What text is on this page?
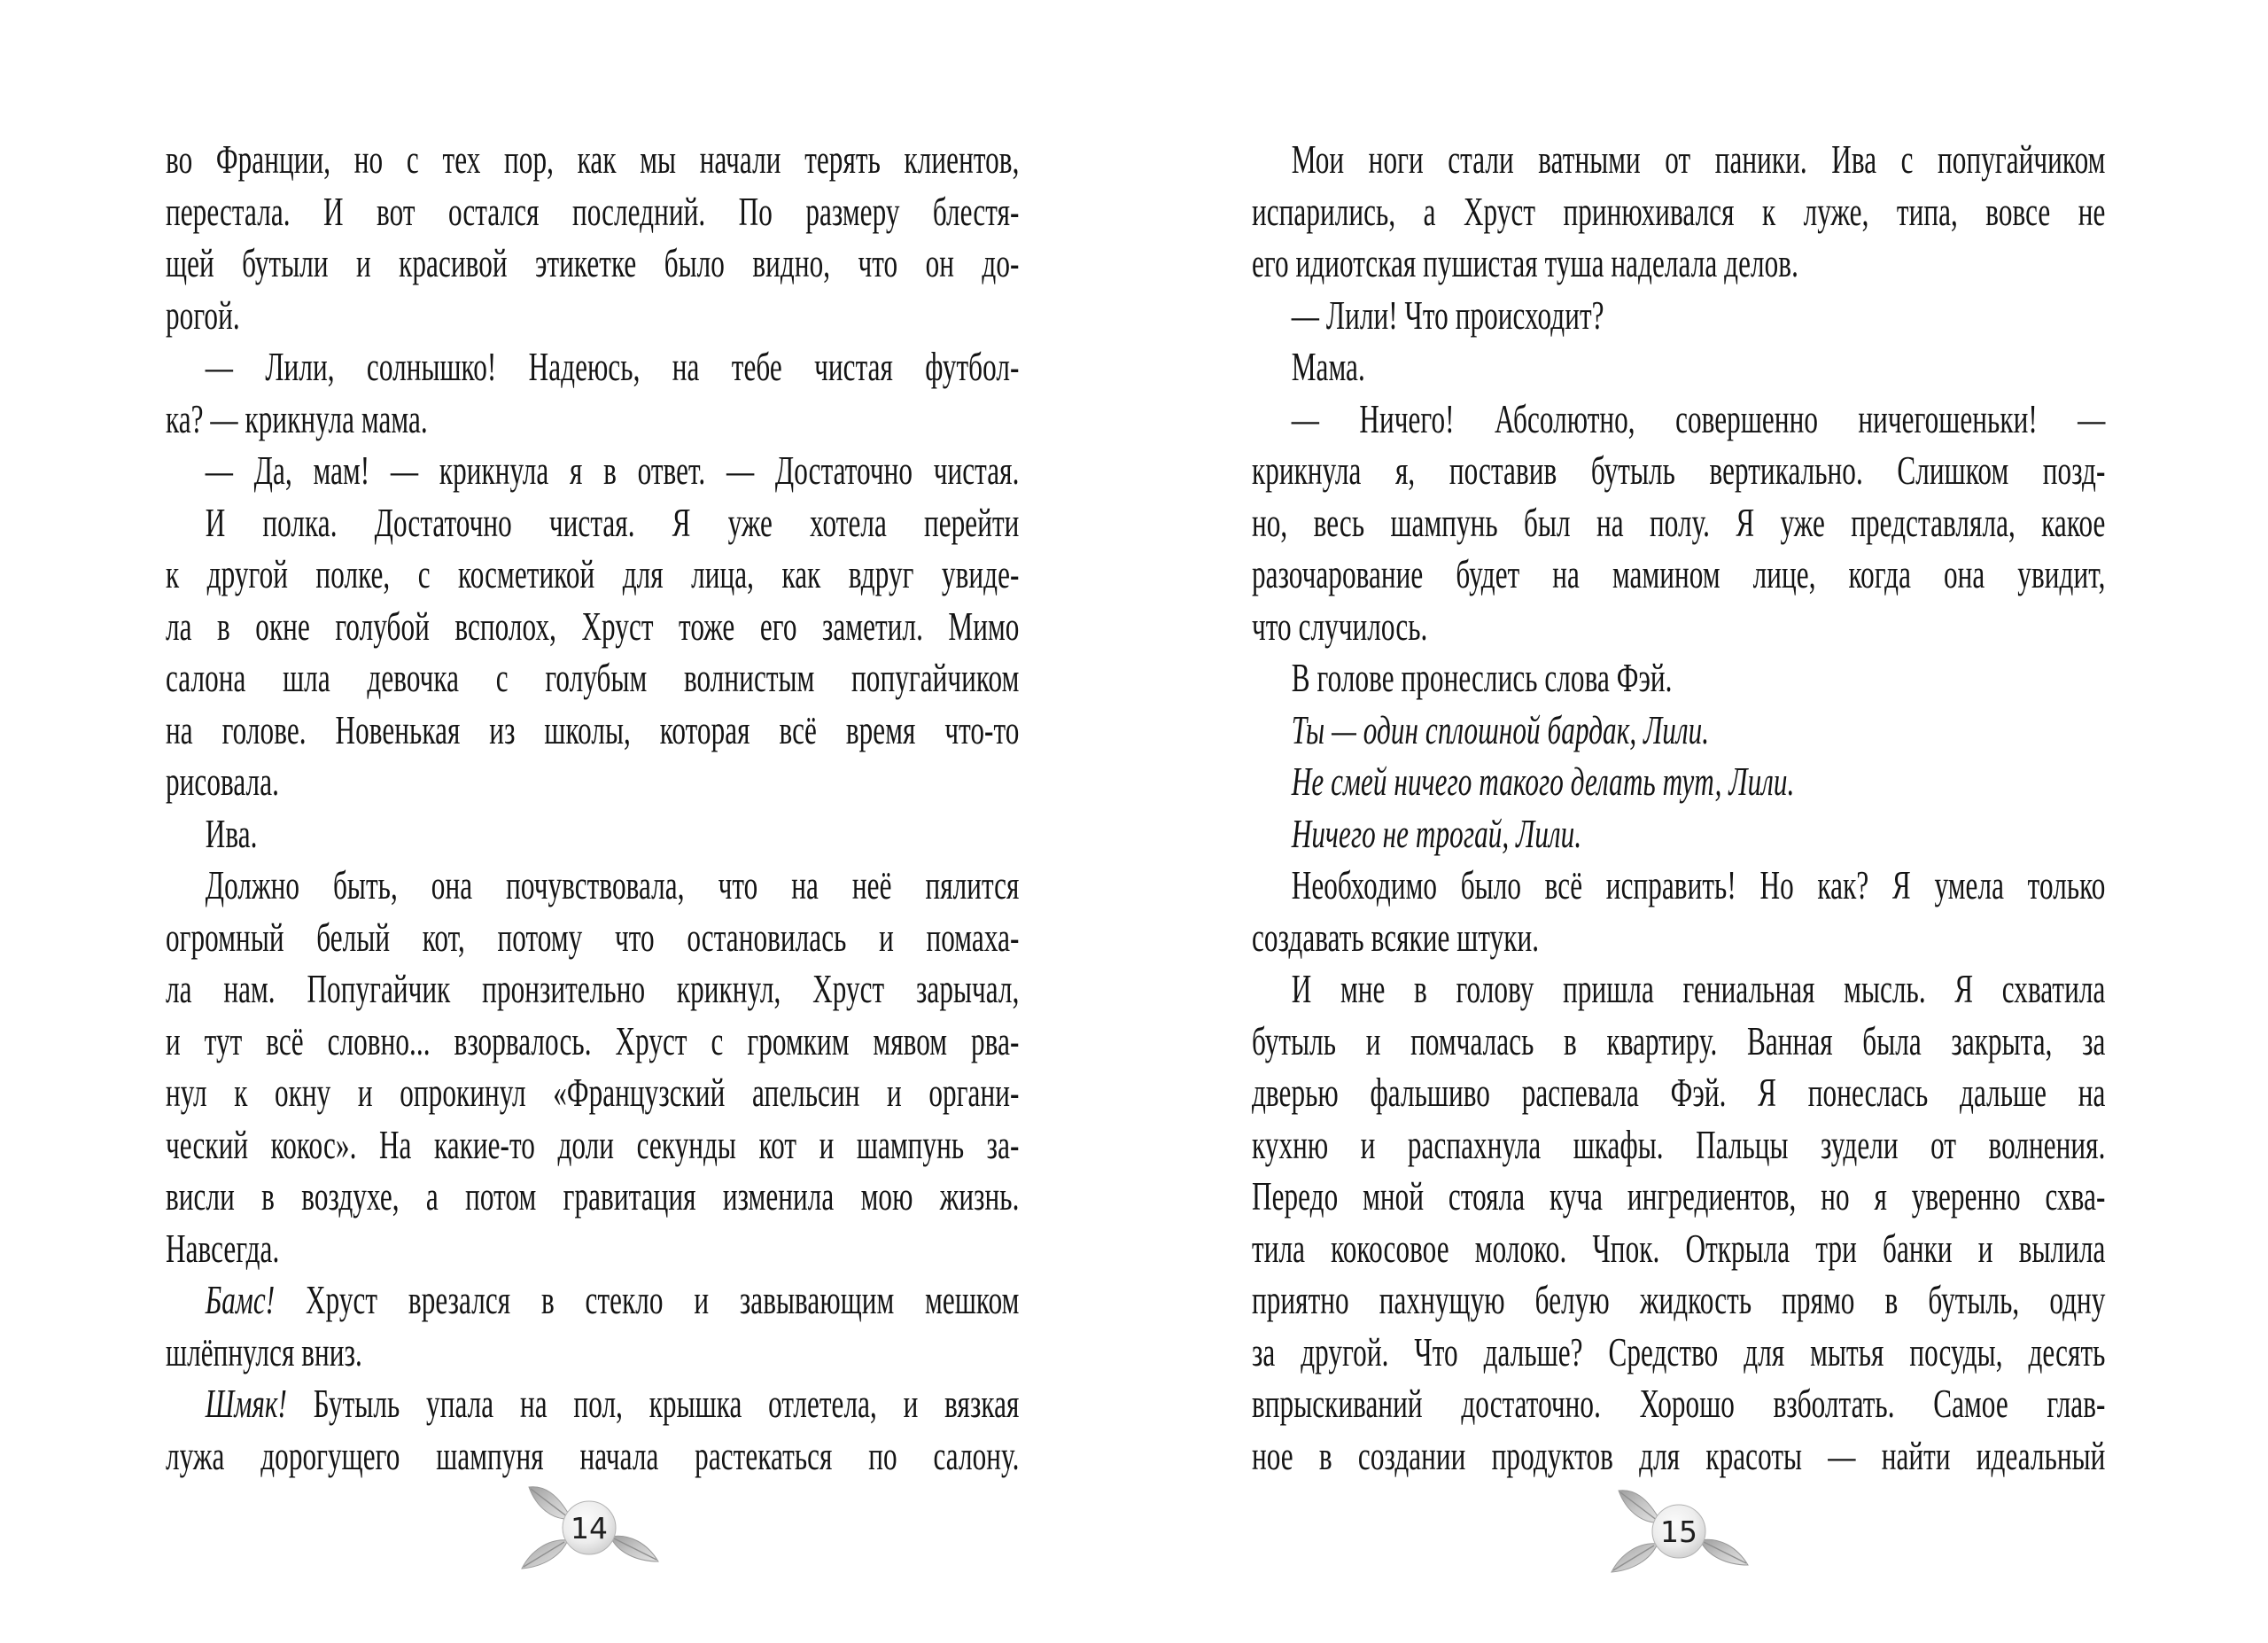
во Франции, но с тех пор, как мы начали терять клиентов,
перестала. И вот остался последний. По размеру блестя-
щей бутыли и красивой этикетке было видно, что он до-
рогой.
— Лили, солнышко! Надеюсь, на тебе чистая футбол-
ка? — крикнула мама.
— Да, мам! — крикнула я в ответ. — Достаточно чистая.
И полка. Достаточно чистая. Я уже хотела перейти
к другой полке, с косметикой для лица, как вдруг увиде-
ла в окне голубой всполох, Хруст тоже его заметил. Мимо
салона шла девочка с голубым волнистым попугайчиком
на голове. Новенькая из школы, которая всё время что-то
рисовала.
Ива.
Должно быть, она почувствовала, что на неё пялится
огромный белый кот, потому что остановилась и помаха-
ла нам. Попугайчик пронзительно крикнул, Хруст зарычал,
и тут всё словно... взорвалось. Хруст с громким мявом рва-
нул к окну и опрокинул «Французский апельсин и органи-
ческий кокос». На какие-то доли секунды кот и шампунь за-
висли в воздухе, а потом гравитация изменила мою жизнь.
Навсегда.
Бамс! Хруст врезался в стекло и завывающим мешком
шлёпнулся вниз.
Шмяк! Бутыль упала на пол, крышка отлетела, и вязкая
лужа дорогущего шампуня начала растекаться по салону.
14
Мои ноги стали ватными от паники. Ива с попугайчиком
испарились, а Хруст принюхивался к луже, типа, вовсе не
его идиотская пушистая туша наделала делов.
— Лили! Что происходит?
Мама.
— Ничего! Абсолютно, совершенно ничегошеньки! —
крикнула я, поставив бутыль вертикально. Слишком позд-
но, весь шампунь был на полу. Я уже представляла, какое
разочарование будет на мамином лице, когда она увидит,
что случилось.
В голове пронеслись слова Фэй.
Ты — один сплошной бардак, Лили.
Не смей ничего такого делать тут, Лили.
Ничего не трогай, Лили.
Необходимо было всё исправить! Но как? Я умела только
создавать всякие штуки.
И мне в голову пришла гениальная мысль. Я схватила
бутыль и помчалась в квартиру. Ванная была закрыта, за
дверью фальшиво распевала Фэй. Я понеслась дальше на
кухню и распахнула шкафы. Пальцы зудели от волнения.
Передо мной стояла куча ингредиентов, но я уверенно схва-
тила кокосовое молоко. Чпок. Открыла три банки и вылила
приятно пахнущую белую жидкость прямо в бутыль, одну
за другой. Что дальше? Средство для мытья посуды, десять
впрыскиваний достаточно. Хорошо взболтать. Самое глав-
ное в создании продуктов для красоты — найти идеальный
15
